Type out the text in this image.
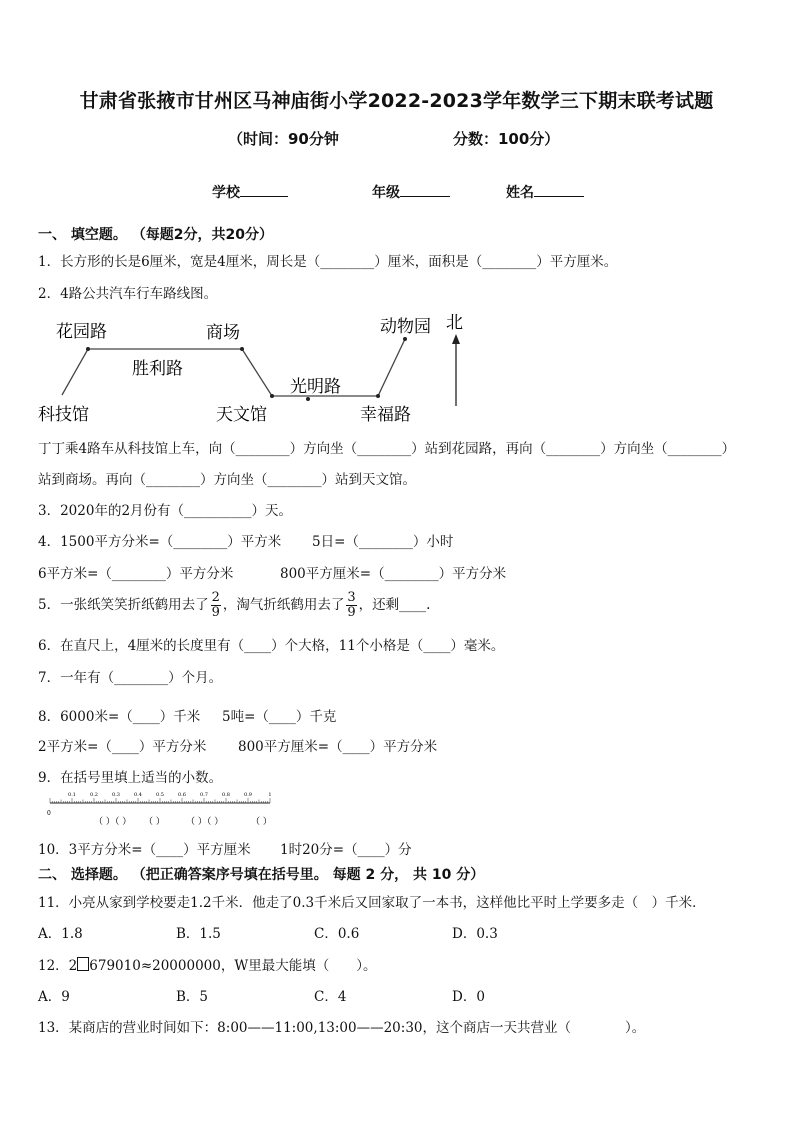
甘肃省张掖市甘州区马神庙街小学2022-2023学年数学三下期末联考试题
（时间：90分钟	分数：100分）
学校	年级	姓名
一、 填空题。 （每题2分，共20分）
1．长方形的长是6厘米，宽是4厘米，周长是（________）厘米，面积是（________）平方厘米。
2．4路公共汽车行车路线图。
花园路	商场	动物园 北
胜利路
光明路
科技馆	天文馆	幸福路
丁丁乘4路车从科技馆上车，向（________）方向坐（________）站到花园路，再向（________）方向坐（________）
站到商场。再向（________）方向坐（________）站到天文馆。
3．2020年的2月份有（__________）天。
4．1500平方分米=（________）平方米 5日=（________）小时
6平方米=（________）平方分米	800平方厘米=（________）平方分米
5．一张纸笑笑折纸鹤用去了 $\frac{2}{9}$ ，淘气折纸鹤用去了 $\frac{3}{9}$ ，还剩____.
6．在直尺上，4厘米的长度里有（____）个大格，11个小格是（____）毫米。
7．一年有（________）个月。
8．6000米=（____）千米 5吨=（____）千克
2平方米=（____）平方分米 800平方厘米=（____）平方分米
9．在括号里填上适当的小数。
0
0.1	0.2	0.3	0.4	0.5	0.6	0.7	0.8	0.9	1
（ ）（ ） （ ） （ ）（ ）	（ ）
10．3平方分米=（____）平方厘米 1时20分=（____）分
二、 选择题。 （把正确答案序号填在括号里。 每题 2 分， 共 10 分）
11．小亮从家到学校要走1.2千米．他走了0.3千米后又回家取了一本书，这样他比平时上学要多走（　）千米．
A．1.8	B．1.5	C．0.6	D．0.3
12．2 679010≈20000000，W里最大能填（　　）。
A．9	B．5	C．4	D．0
13．某商店的营业时间如下：8:00——11:00,13:00——20:30，这个商店一天共营业（　　　　）。
